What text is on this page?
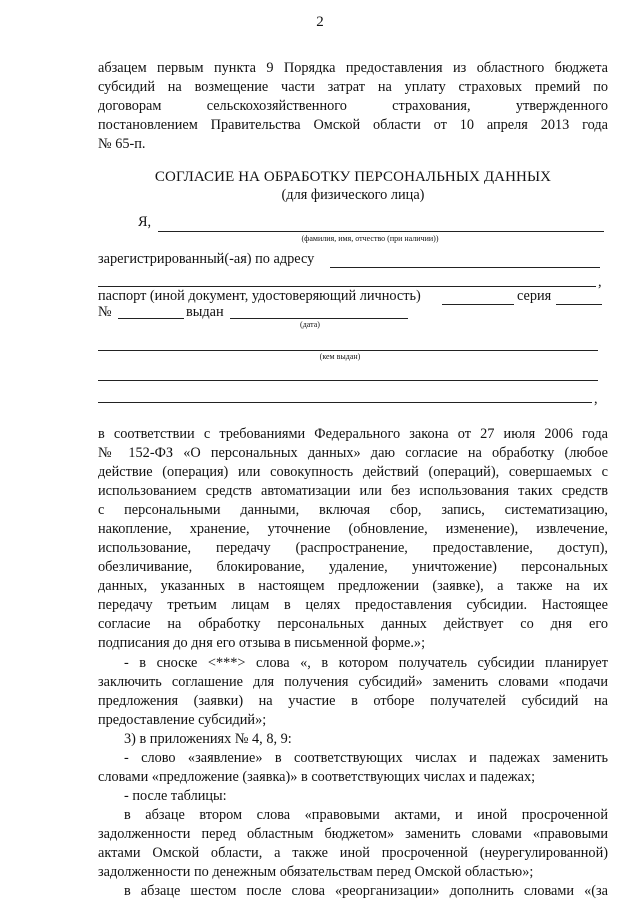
2
абзацем первым пункта 9 Порядка предоставления из областного бюджета
субсидий на возмещение части затрат на уплату страховых премий по
договорам сельскохозяйственного страхования, утвержденного
постановлением Правительства Омской области от 10 апреля 2013 года
№ 65-п.
СОГЛАСИЕ НА ОБРАБОТКУ ПЕРСОНАЛЬНЫХ ДАННЫХ
(для физического лица)
Я,
(фамилия, имя, отчество (при наличии))
зарегистрированный(-ая) по адресу
,
паспорт (иной документ, удостоверяющий личность)	серия
№	выдан
(дата)
(кем выдан)
,
в соответствии с требованиями Федерального закона от 27 июля 2006 года
№ 152-ФЗ «О персональных данных» даю согласие на обработку (любое
действие (операция) или совокупность действий (операций), совершаемых с
использованием средств автоматизации или без использования таких средств
с персональными данными, включая сбор, запись, систематизацию,
накопление, хранение, уточнение (обновление, изменение), извлечение,
использование, передачу (распространение, предоставление, доступ),
обезличивание, блокирование, удаление, уничтожение) персональных
данных, указанных в настоящем предложении (заявке), а также на их
передачу третьим лицам в целях предоставления субсидии. Настоящее
согласие на обработку персональных данных действует со дня его
подписания до дня его отзыва в письменной форме.»;
- в сноске <***> слова «, в котором получатель субсидии планирует
заключить соглашение для получения субсидий» заменить словами «подачи
предложения (заявки) на участие в отборе получателей субсидий на
предоставление субсидий»;
3) в приложениях № 4, 8, 9:
- слово «заявление» в соответствующих числах и падежах заменить
словами «предложение (заявка)» в соответствующих числах и падежах;
- после таблицы:
в абзаце втором слова «правовыми актами, и иной просроченной
задолженности перед областным бюджетом» заменить словами «правовыми
актами Омской области, а также иной просроченной (неурегулированной)
задолженности по денежным обязательствам перед Омской областью»;
в абзаце шестом после слова «реорганизации» дополнить словами «(за
